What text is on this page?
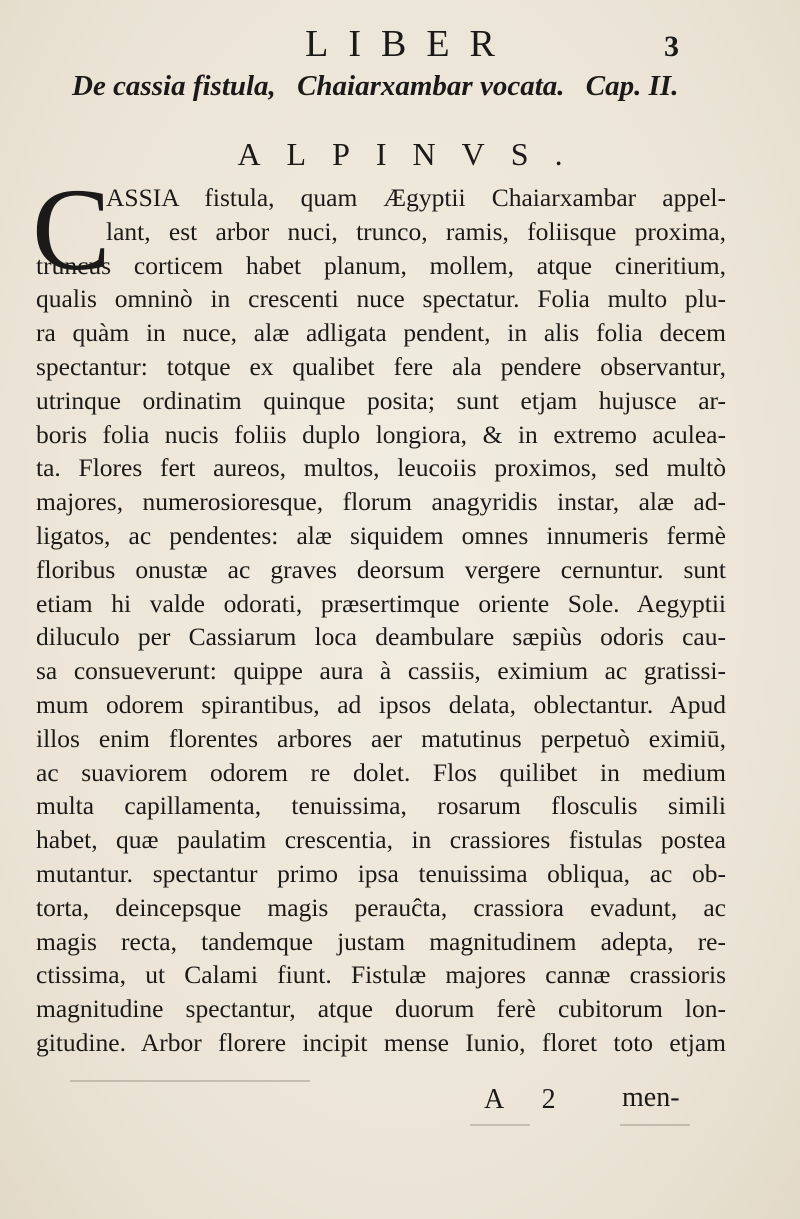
LIBER	3
De cassia fistula, Chaiarxambar vocata. Cap. II.
ALPINVS.
C
ASSIA fistula, quam Ægyptii Chaiarxambar appel-
lant, est arbor nuci, trunco, ramis, foliisque proxima,
truncus corticem habet planum, mollem, atque cineritium,
qualis omninò in crescenti nuce spectatur. Folia multo plu-
ra quàm in nuce, alæ adligata pendent, in alis folia decem
spectantur: totque ex qualibet fere ala pendere observantur,
utrinque ordinatim quinque posita; sunt etjam hujusce ar-
boris folia nucis foliis duplo longiora, & in extremo aculea-
ta. Flores fert aureos, multos, leucoiis proximos, sed multò
majores, numerosioresque, florum anagyridis instar, alæ ad-
ligatos, ac pendentes: alæ siquidem omnes innumeris fermè
floribus onustæ ac graves deorsum vergere cernuntur. sunt
etiam hi valde odorati, præsertimque oriente Sole. Aegyptii
diluculo per Cassiarum loca deambulare sæpiùs odoris cau-
sa consueverunt: quippe aura à cassiis, eximium ac gratissi-
mum odorem spirantibus, ad ipsos delata, oblectantur. Apud
illos enim florentes arbores aer matutinus perpetuò eximiū,
ac suaviorem odorem re dolet. Flos quilibet in medium
multa capillamenta, tenuissima, rosarum flosculis simili
habet, quæ paulatim crescentia, in crassiores fistulas postea
mutantur. spectantur primo ipsa tenuissima obliqua, ac ob-
torta, deincepsque magis perauĉta, crassiora evadunt, ac
magis recta, tandemque justam magnitudinem adepta, re-
ctissima, ut Calami fiunt. Fistulæ majores cannæ crassioris
magnitudine spectantur, atque duorum ferè cubitorum lon-
gitudine. Arbor florere incipit mense Iunio, floret toto etjam
A 2 men-
